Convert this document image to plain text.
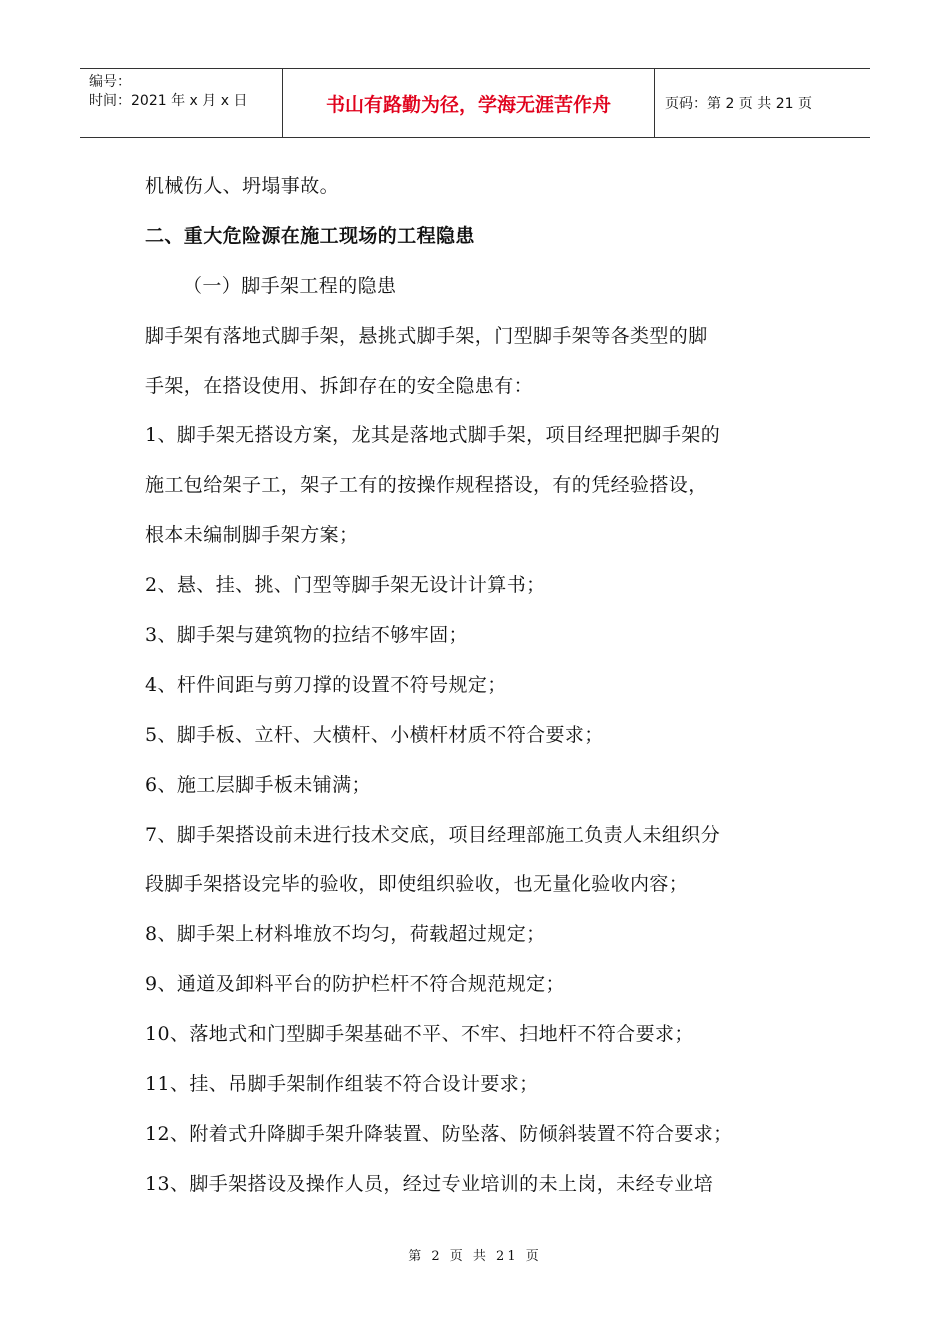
编号：
时间：2021 年 x 月 x 日	书山有路勤为径，学海无涯苦作舟	页码：第 2 页 共 21 页
机械伤人、坍塌事故。
二、重大危险源在施工现场的工程隐患
（一）脚手架工程的隐患
脚手架有落地式脚手架，悬挑式脚手架，门型脚手架等各类型的脚
手架，在搭设使用、拆卸存在的安全隐患有：
1、脚手架无搭设方案，龙其是落地式脚手架，项目经理把脚手架的
施工包给架子工，架子工有的按操作规程搭设，有的凭经验搭设，
根本未编制脚手架方案；
2、悬、挂、挑、门型等脚手架无设计计算书；
3、脚手架与建筑物的拉结不够牢固；
4、杆件间距与剪刀撑的设置不符号规定；
5、脚手板、立杆、大横杆、小横杆材质不符合要求；
6、施工层脚手板未铺满；
7、脚手架搭设前未进行技术交底，项目经理部施工负责人未组织分
段脚手架搭设完毕的验收，即使组织验收，也无量化验收内容；
8、脚手架上材料堆放不均匀，荷载超过规定；
9、通道及卸料平台的防护栏杆不符合规范规定；
10、落地式和门型脚手架基础不平、不牢、扫地杆不符合要求；
11、挂、吊脚手架制作组装不符合设计要求；
12、附着式升降脚手架升降装置、防坠落、防倾斜装置不符合要求；
13、脚手架搭设及操作人员，经过专业培训的未上岗，未经专业培
第 2 页 共 21 页
